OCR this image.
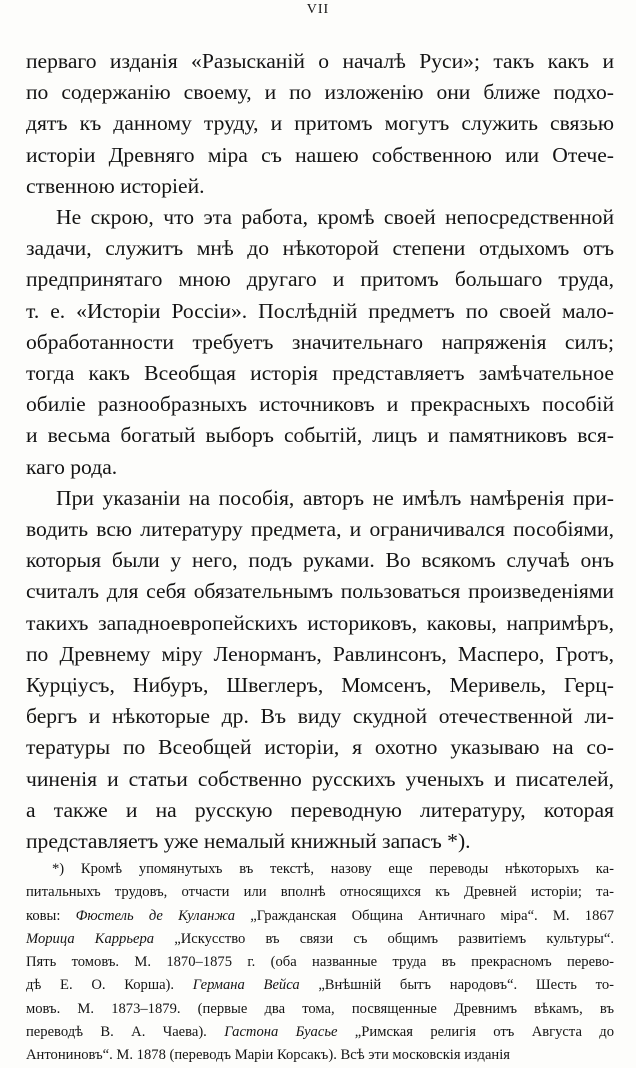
VII
перваго изданія «Разысканій о началѣ Руси»; такъ какъ и
по содержанію своему, и по изложенію они ближе подхо-
дятъ къ данному труду, и притомъ могутъ служить связью
исторіи Древняго міра съ нашею собственною или Отече-
ственною исторіей.
Не скрою, что эта работа, кромѣ своей непосредственной
задачи, служитъ мнѣ до нѣкоторой степени отдыхомъ отъ
предпринятаго мною другаго и притомъ большаго труда,
т. е. «Исторіи Россіи». Послѣдній предметъ по своей мало-
обработанности требуетъ значительнаго напряженія силъ;
тогда какъ Всеобщая исторія представляетъ замѣчательное
обиліе разнообразныхъ источниковъ и прекрасныхъ пособій
и весьма богатый выборъ событій, лицъ и памятниковъ вся-
каго рода.
При указаніи на пособія, авторъ не имѣлъ намѣренія при-
водить всю литературу предмета, и ограничивался пособіями,
которыя были у него, подъ руками. Во всякомъ случаѣ онъ
считалъ для себя обязательнымъ пользоваться произведеніями
такихъ западноевропейскихъ историковъ, каковы, напримѣръ,
по Древнему міру Ленорманъ, Равлинсонъ, Масперо, Гротъ,
Курціусъ, Нибуръ, Швеглеръ, Момсенъ, Меривель, Герц-
бергъ и нѣкоторые др. Въ виду скудной отечественной ли-
тературы по Всеобщей исторіи, я охотно указываю на со-
чиненія и статьи собственно русскихъ ученыхъ и писателей,
а также и на русскую переводную литературу, которая
представляетъ уже немалый книжный запасъ *).
*) Кромѣ упомянутыхъ въ текстѣ, назову еще переводы нѣкоторыхъ ка-
питальныхъ трудовъ, отчасти или вполнѣ относящихся къ Древней исторіи; та-
ковы: Фюстель де Куланжа „Гражданская Община Античнаго міра“. М. 1867
Морица Каррьера „Искусство въ связи съ общимъ развитіемъ культуры“.
Пять томовъ. М. 1870–1875 г. (оба названные труда въ прекрасномъ перево-
дѣ Е. О. Корша). Германа Вейса „Внѣшній бытъ народовъ“. Шесть то-
мовъ. М. 1873–1879. (первые два тома, посвященные Древнимъ вѣкамъ, въ
переводѣ В. А. Чаева). Гастона Буасье „Римская религія отъ Августа до
Антониновъ“. М. 1878 (переводъ Маріи Корсакъ). Всѣ эти московскія изданія
